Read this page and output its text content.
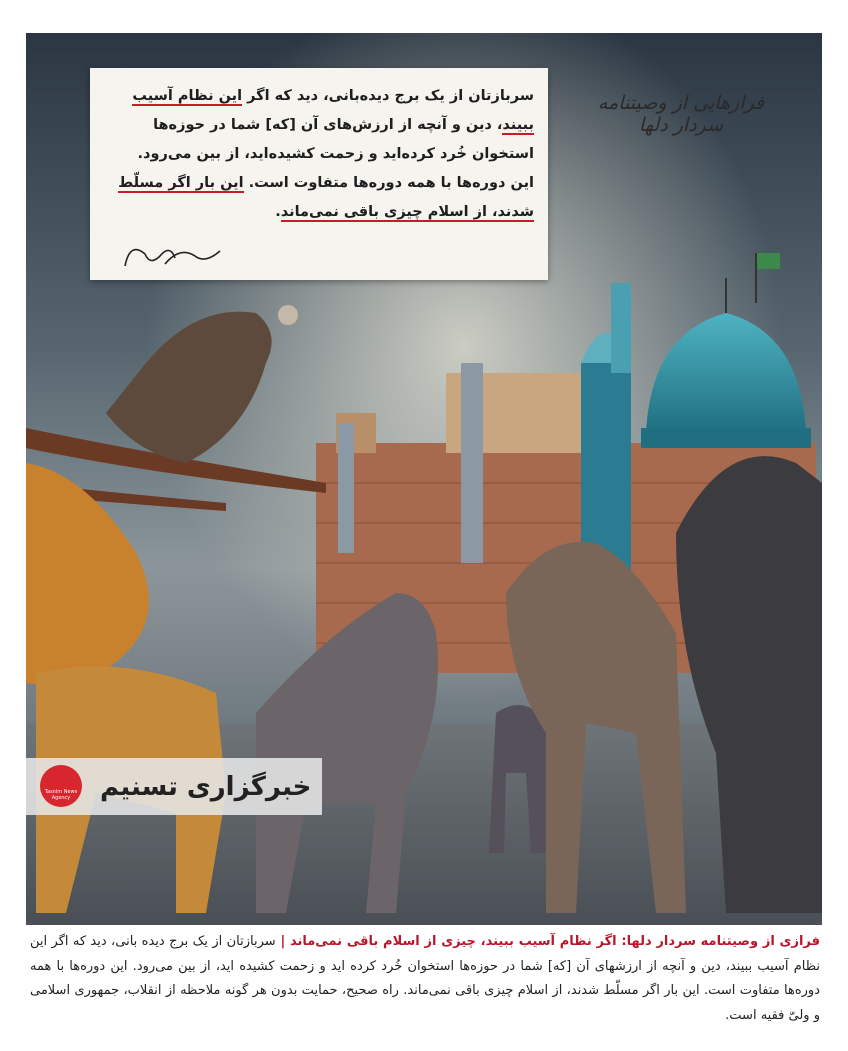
سربازتان از یک برج دیده‌بانی، دید که اگر این نظام آسیب
ببیند، دین و آنچه از ارزش‌های آن [که] شما در حوزه‌ها
استخوان خُرد کرده‌اید و زحمت کشیده‌اید، از بین می‌رود.
این دوره‌ها با همه دوره‌ها متفاوت است. این بار اگر مسلّط
شدند، از اسلام چیزی باقی نمی‌ماند.
فرازهایی از وصیتنامه سردار دلها
Tasnim News Agency خبرگزاری تسنیم
فرازی از وصیتنامه سردار دلها: اگر نظام آسیب ببیند، چیزی از اسلام باقی نمی‌ماند | سربازتان از یک برج دیده بانی، دید که اگر این نظام آسیب ببیند، دین و آنچه از ارزشهای آن [که] شما در حوزه‌ها استخوان خُرد کرده اید و زحمت کشیده اید، از بین می‌رود. این دوره‌ها با همه دوره‌ها متفاوت است. این بار اگر مسلّط شدند، از اسلام چیزی باقی نمی‌ماند. راه صحیح، حمایت بدون هر گونه ملاحظه از انقلاب، جمهوری اسلامی و ولیّ فقیه است.
